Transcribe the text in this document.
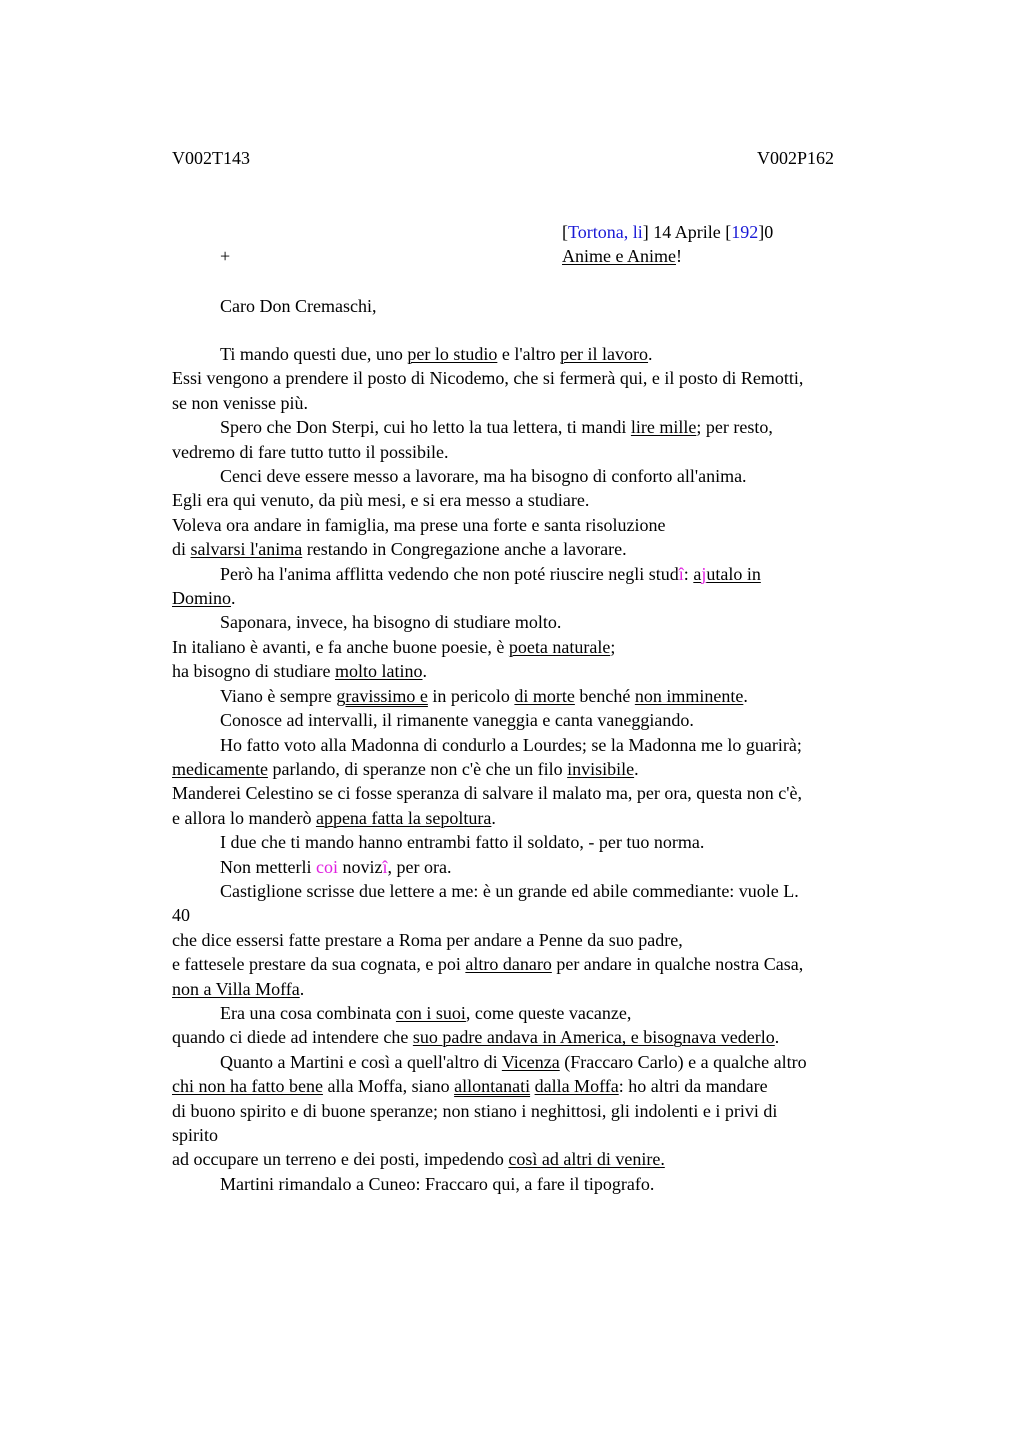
V002T143	V002P162
[Tortona, li] 14 Aprile [192]0
Anime e Anime!
+
Caro Don Cremaschi,
Ti mando questi due, uno per lo studio e l'altro per il lavoro.
Essi vengono a prendere il posto di Nicodemo, che si fermerà qui, e il posto di Remotti,
se non venisse più.
Spero che Don Sterpi, cui ho letto la tua lettera, ti mandi lire mille; per resto,
vedremo di fare tutto tutto il possibile.
Cenci deve essere messo a lavorare, ma ha bisogno di conforto all'anima.
Egli era qui venuto, da più mesi, e si era messo a studiare.
Voleva ora andare in famiglia, ma prese una forte e santa risoluzione
di salvarsi l'anima restando in Congregazione anche a lavorare.
Però ha l'anima afflitta vedendo che non poté riuscire negli studî: ajutalo in
Domino.
Saponara, invece, ha bisogno di studiare molto.
In italiano è avanti, e fa anche buone poesie, è poeta naturale;
ha bisogno di studiare molto latino.
Viano è sempre gravissimo e in pericolo di morte benché non imminente.
Conosce ad intervalli, il rimanente vaneggia e canta vaneggiando.
Ho fatto voto alla Madonna di condurlo a Lourdes; se la Madonna me lo guarirà;
medicamente parlando, di speranze non c'è che un filo invisibile.
Manderei Celestino se ci fosse speranza di salvare il malato ma, per ora, questa non c'è,
e allora lo manderò appena fatta la sepoltura.
I due che ti mando hanno entrambi fatto il soldato, - per tuo norma.
Non metterli coi novizî, per ora.
Castiglione scrisse due lettere a me: è un grande ed abile commediante: vuole L.
40
che dice essersi fatte prestare a Roma per andare a Penne da suo padre,
e fattesele prestare da sua cognata, e poi altro danaro per andare in qualche nostra Casa,
non a Villa Moffa.
Era una cosa combinata con i suoi, come queste vacanze,
quando ci diede ad intendere che suo padre andava in America, e bisognava vederlo.
Quanto a Martini e così a quell'altro di Vicenza (Fraccaro Carlo) e a qualche altro
chi non ha fatto bene alla Moffa, siano allontanati dalla Moffa: ho altri da mandare
di buono spirito e di buone speranze; non stiano i neghittosi, gli indolenti e i privi di
spirito
ad occupare un terreno e dei posti, impedendo così ad altri di venire.
Martini rimandalo a Cuneo: Fraccaro qui, a fare il tipografo.
